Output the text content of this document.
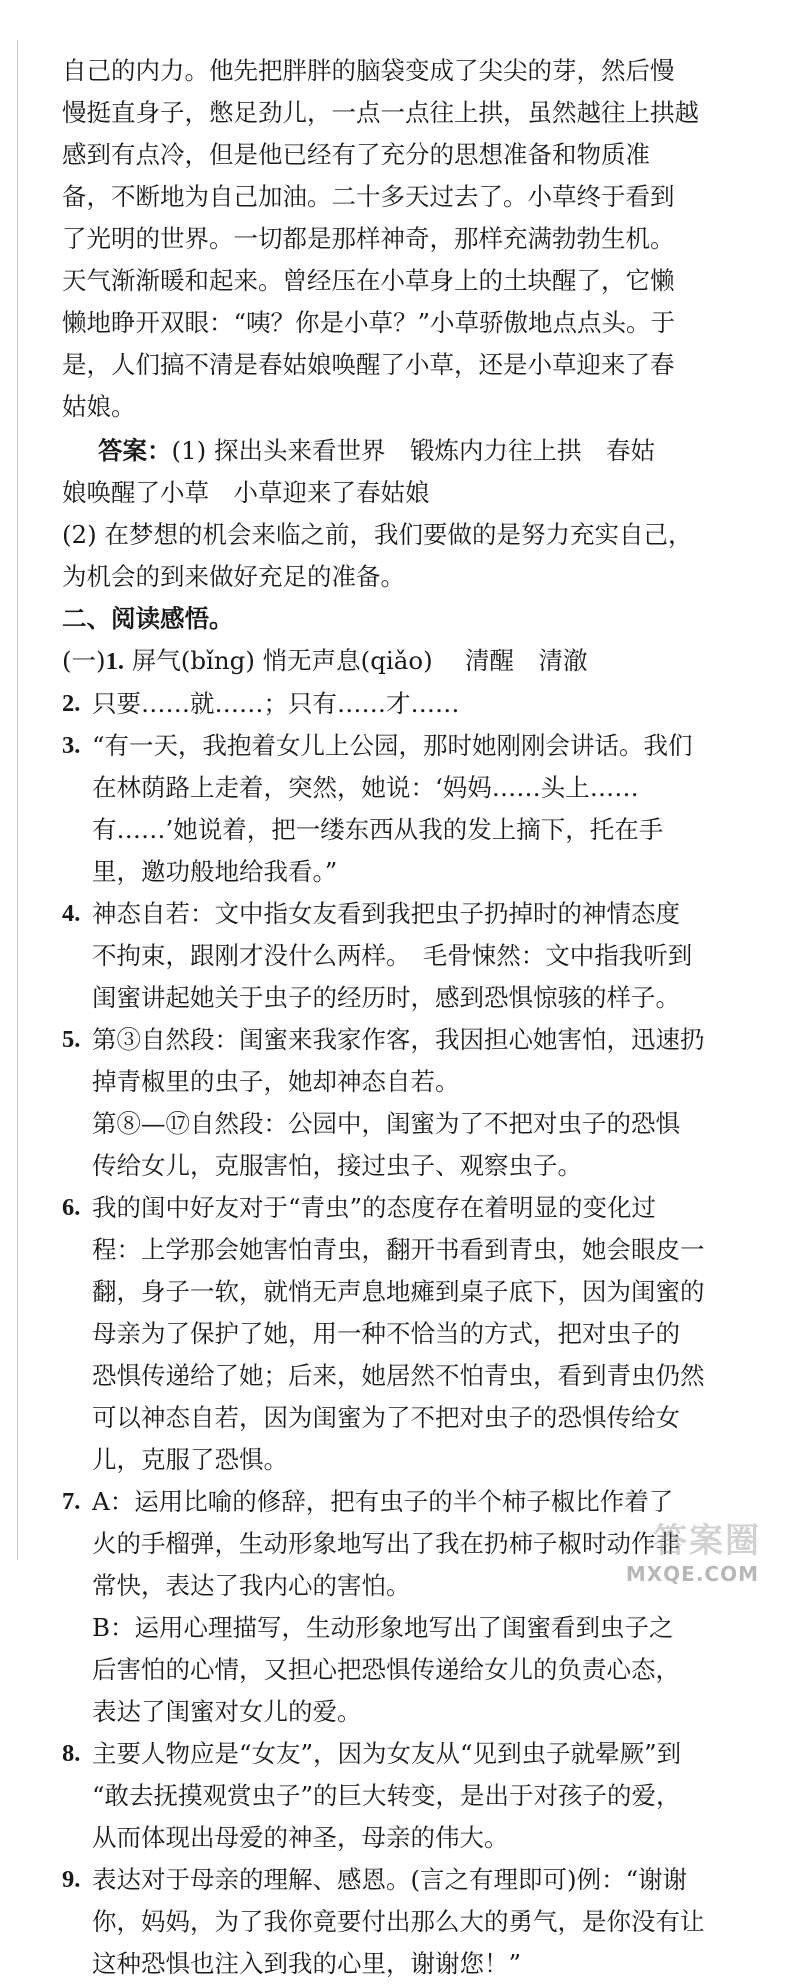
自己的内力。他先把胖胖的脑袋变成了尖尖的芽，然后慢
慢挺直身子，憋足劲儿，一点一点往上拱，虽然越往上拱越
感到有点冷，但是他已经有了充分的思想准备和物质准
备，不断地为自己加油。二十多天过去了。小草终于看到
了光明的世界。一切都是那样神奇，那样充满勃勃生机。
天气渐渐暖和起来。曾经压在小草身上的土块醒了，它懒
懒地睁开双眼：“咦？你是小草？”小草骄傲地点点头。于
是，人们搞不清是春姑娘唤醒了小草，还是小草迎来了春
姑娘。
答案：(1) 探出头来看世界　锻炼内力往上拱　春姑
娘唤醒了小草　小草迎来了春姑娘
(2) 在梦想的机会来临之前，我们要做的是努力充实自己，
为机会的到来做好充足的准备。
二、阅读感悟。
(一)1. 屏气(bǐng) 悄无声息(qiǎo)　 清醒　清澈
2. 只要……就……；只有……才……
3. “有一天，我抱着女儿上公园，那时她刚刚会讲话。我们
在林荫路上走着，突然，她说：‘妈妈……头上……
有……’她说着，把一缕东西从我的发上摘下，托在手
里，邀功般地给我看。”
4. 神态自若：文中指女友看到我把虫子扔掉时的神情态度
不拘束，跟刚才没什么两样。　毛骨悚然：文中指我听到
闺蜜讲起她关于虫子的经历时，感到恐惧惊骇的样子。
5. 第③自然段：闺蜜来我家作客，我因担心她害怕，迅速扔
掉青椒里的虫子，她却神态自若。
第⑧—⑰自然段：公园中，闺蜜为了不把对虫子的恐惧
传给女儿，克服害怕，接过虫子、观察虫子。
6. 我的闺中好友对于“青虫”的态度存在着明显的变化过
程：上学那会她害怕青虫，翻开书看到青虫，她会眼皮一
翻，身子一软，就悄无声息地瘫到桌子底下，因为闺蜜的
母亲为了保护了她，用一种不恰当的方式，把对虫子的
恐惧传递给了她；后来，她居然不怕青虫，看到青虫仍然
可以神态自若，因为闺蜜为了不把对虫子的恐惧传给女
儿，克服了恐惧。
7. A：运用比喻的修辞，把有虫子的半个柿子椒比作着了
火的手榴弹，生动形象地写出了我在扔柿子椒时动作非
常快，表达了我内心的害怕。
B：运用心理描写，生动形象地写出了闺蜜看到虫子之
后害怕的心情，又担心把恐惧传递给女儿的负责心态，
表达了闺蜜对女儿的爱。
8. 主要人物应是“女友”，因为女友从“见到虫子就晕厥”到
“敢去抚摸观赏虫子”的巨大转变，是出于对孩子的爱，
从而体现出母爱的神圣，母亲的伟大。
9. 表达对于母亲的理解、感恩。(言之有理即可)例：“谢谢
你，妈妈，为了我你竟要付出那么大的勇气，是你没有让
这种恐惧也注入到我的心里，谢谢您！”
答案圈
MXQE.COM
